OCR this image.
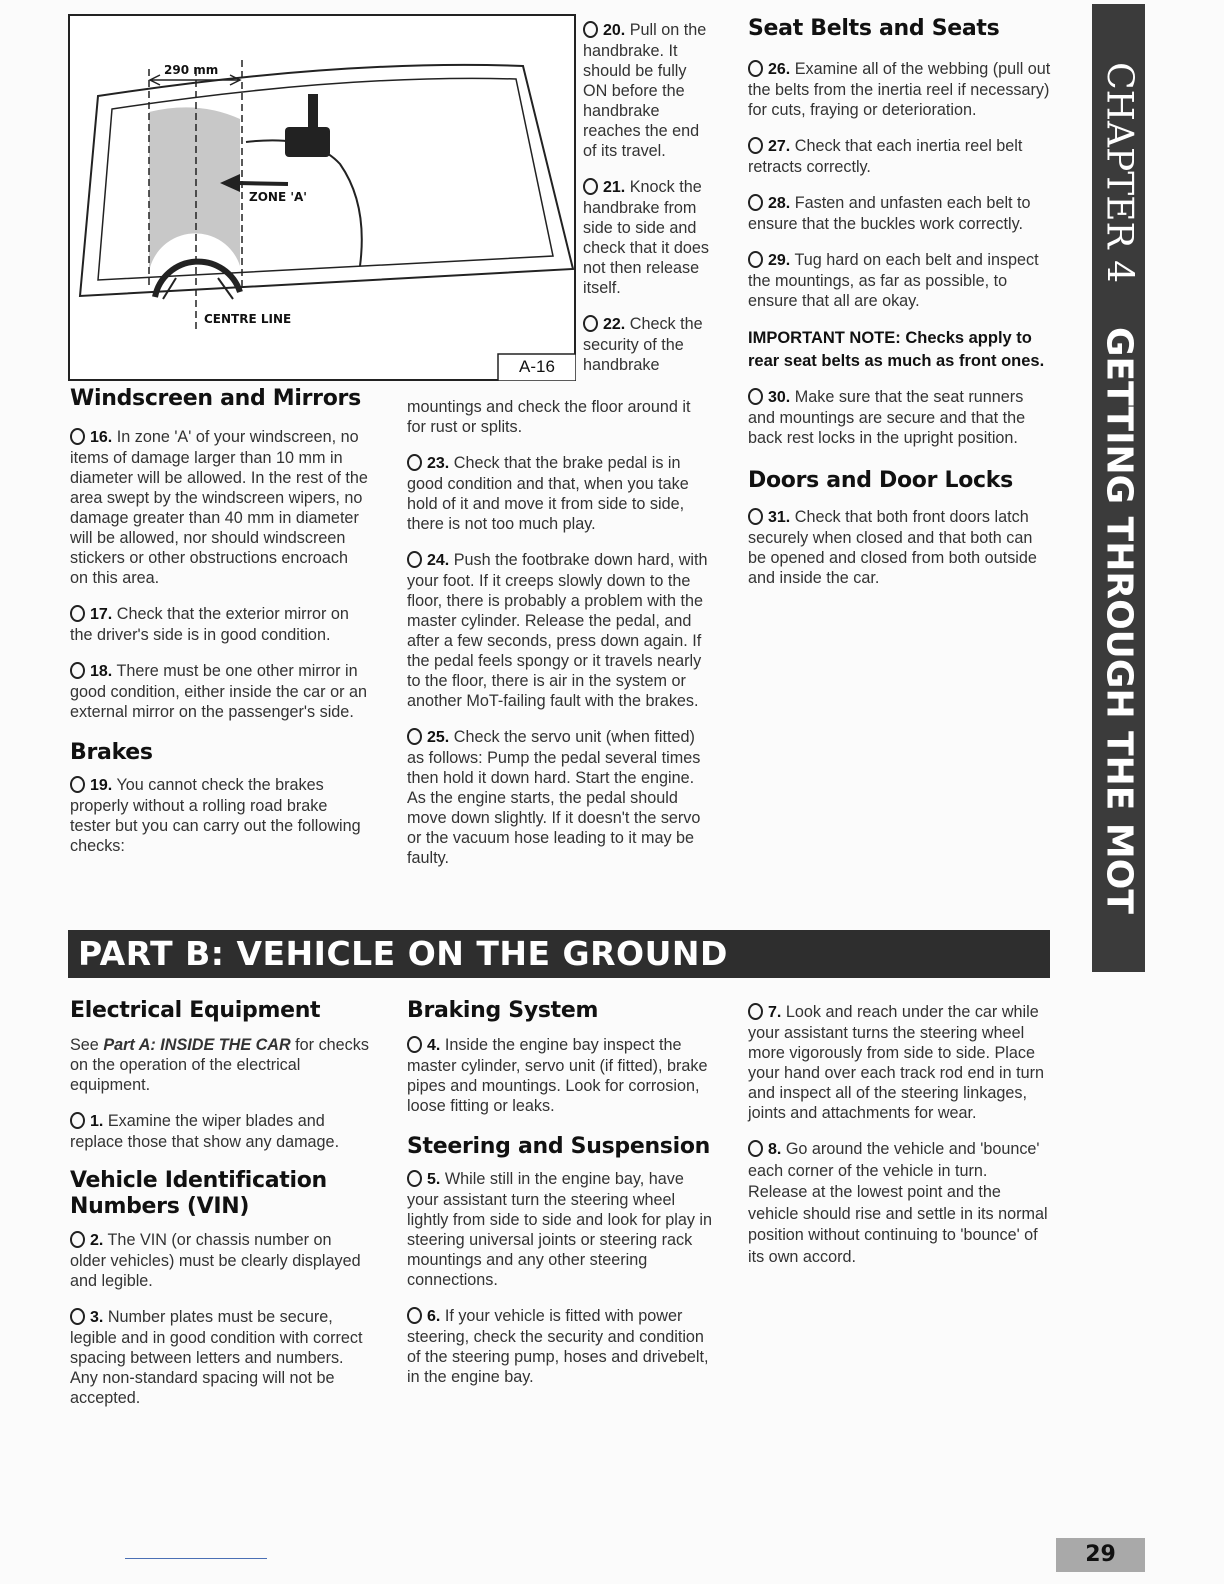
290 mm
ZONE 'A'
CENTRE LINE
A-16
Windscreen and Mirrors

16. In zone 'A' of your windscreen, no items of damage larger than 10 mm in diameter will be allowed. In the rest of the area swept by the windscreen wipers, no damage greater than 40 mm in diameter will be allowed, nor should windscreen stickers or other obstructions encroach on this area.

17. Check that the exterior mirror on the driver's side is in good condition.

18. There must be one other mirror in good condition, either inside the car or an external mirror on the passenger's side.

Brakes

19. You cannot check the brakes properly without a rolling road brake tester but you can carry out the following checks:

20. Pull on the handbrake. It should be fully ON before the handbrake reaches the end of its travel.

21. Knock the handbrake from side to side and check that it does not then release itself.

22. Check the security of the handbrake

mountings and check the floor around it for rust or splits.

23. Check that the brake pedal is in good condition and that, when you take hold of it and move it from side to side, there is not too much play.

24. Push the footbrake down hard, with your foot. If it creeps slowly down to the floor, there is probably a problem with the master cylinder. Release the pedal, and after a few seconds, press down again. If the pedal feels spongy or it travels nearly to the floor, there is air in the system or another MoT-failing fault with the brakes.

25. Check the servo unit (when fitted) as follows: Pump the pedal several times then hold it down hard. Start the engine. As the engine starts, the pedal should move down slightly. If it doesn't the servo or the vacuum hose leading to it may be faulty.

Seat Belts and Seats

26. Examine all of the webbing (pull out the belts from the inertia reel if necessary) for cuts, fraying or deterioration.

27. Check that each inertia reel belt retracts correctly.

28. Fasten and unfasten each belt to ensure that the buckles work correctly.

29. Tug hard on each belt and inspect the mountings, as far as possible, to ensure that all are okay.

IMPORTANT NOTE: Checks apply to rear seat belts as much as front ones.

30. Make sure that the seat runners and mountings are secure and that the back rest locks in the upright position.

Doors and Door Locks

31. Check that both front doors latch securely when closed and that both can be opened and closed from both outside and inside the car.

PART B: VEHICLE ON THE GROUND
Electrical Equipment

See Part A: INSIDE THE CAR for checks on the operation of the electrical equipment.

1. Examine the wiper blades and replace those that show any damage.

Vehicle Identification Numbers (VIN)

2. The VIN (or chassis number on older vehicles) must be clearly displayed and legible.

3. Number plates must be secure, legible and in good condition with correct spacing between letters and numbers. Any non-standard spacing will not be accepted.

Braking System

4. Inside the engine bay inspect the master cylinder, servo unit (if fitted), brake pipes and mountings. Look for corrosion, loose fitting or leaks.

Steering and Suspension

5. While still in the engine bay, have your assistant turn the steering wheel lightly from side to side and look for play in steering universal joints or steering rack mountings and any other steering connections.

6. If your vehicle is fitted with power steering, check the security and condition of the steering pump, hoses and drivebelt, in the engine bay.

7. Look and reach under the car while your assistant turns the steering wheel more vigorously from side to side. Place your hand over each track rod end in turn and inspect all of the steering linkages, joints and attachments for wear.

8. Go around the vehicle and 'bounce' each corner of the vehicle in turn. Release at the lowest point and the vehicle should rise and settle in its normal position without continuing to 'bounce' of its own accord.

CHAPTER 4GETTING THROUGH THE MOT
29
